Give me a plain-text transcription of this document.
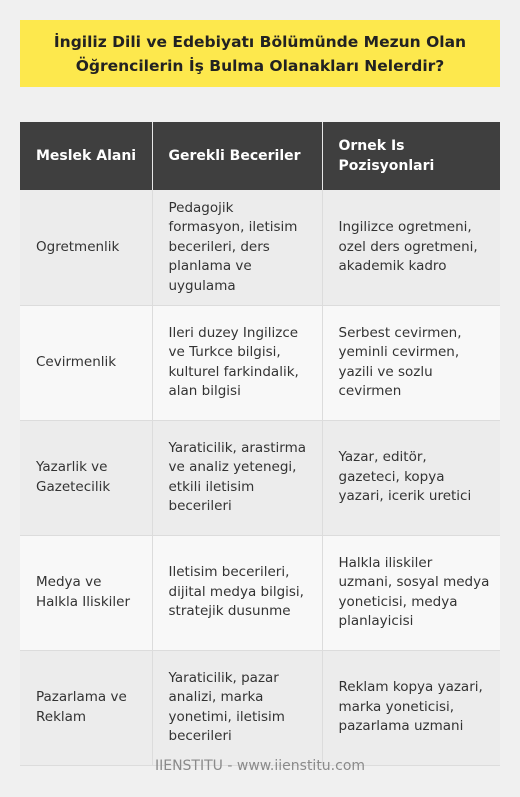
İngiliz Dili ve Edebiyatı Bölümünde Mezun Olan Öğrencilerin İş Bulma Olanakları Nelerdir?
Meslek Alani	Gerekli Beceriler	Ornek Is Pozisyonlari
Ogretmenlik	Pedagojik formasyon, iletisim becerileri, ders planlama ve uygulama	Ingilizce ogretmeni, ozel ders ogretmeni, akademik kadro
Cevirmenlik	Ileri duzey Ingilizce ve Turkce bilgisi, kulturel farkindalik, alan bilgisi	Serbest cevirmen, yeminli cevirmen, yazili ve sozlu cevirmen
Yazarlik ve Gazetecilik	Yaraticilik, arastirma ve analiz yetenegi, etkili iletisim becerileri	Yazar, editör, gazeteci, kopya yazari, icerik uretici
Medya ve Halkla Iliskiler	Iletisim becerileri, dijital medya bilgisi, stratejik dusunme	Halkla iliskiler uzmani, sosyal medya yoneticisi, medya planlayicisi
Pazarlama ve Reklam	Yaraticilik, pazar analizi, marka yonetimi, iletisim becerileri	Reklam kopya yazari, marka yoneticisi, pazarlama uzmani
IIENSTITU - www.iienstitu.com
